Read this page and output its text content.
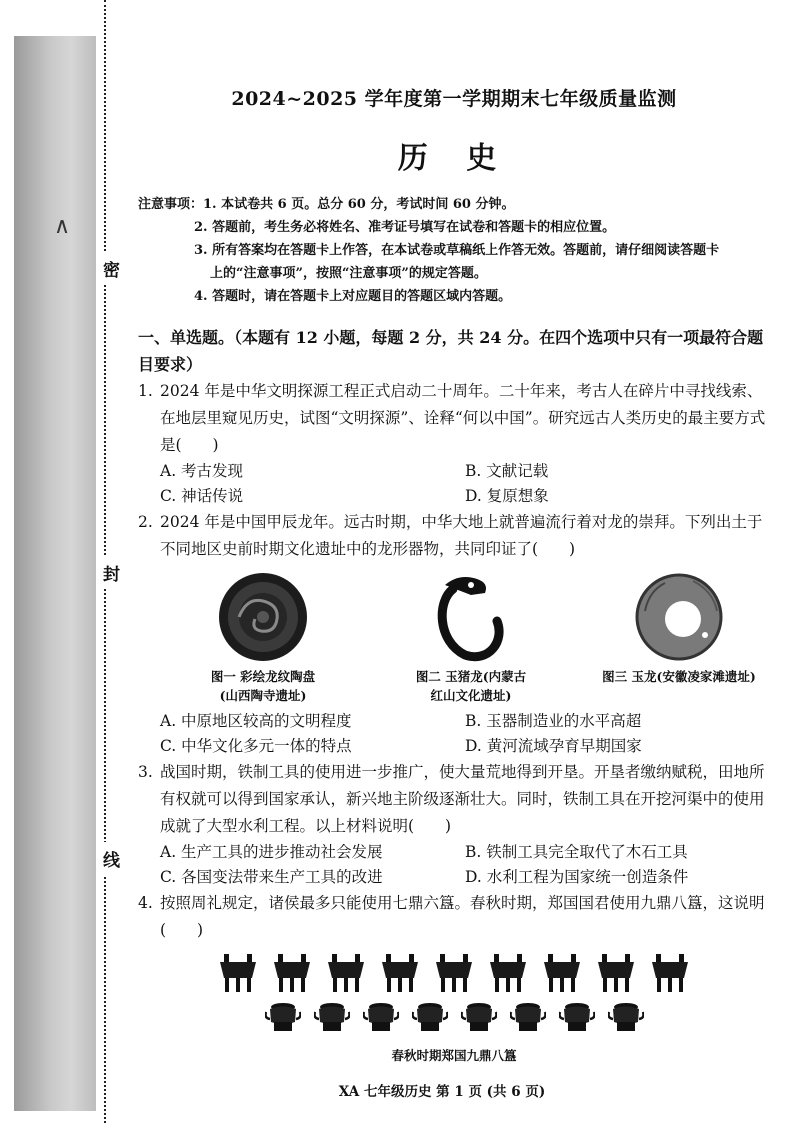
∧
密
封
线
2024~2025 学年度第一学期期末七年级质量监测
历 史
注意事项： 1. 本试卷共 6 页。总分 60 分，考试时间 60 分钟。
2. 答题前，考生务必将姓名、准考证号填写在试卷和答题卡的相应位置。
3. 所有答案均在答题卡上作答，在本试卷或草稿纸上作答无效。答题前，请仔细阅读答题卡
上的“注意事项”，按照“注意事项”的规定答题。
4. 答题时，请在答题卡上对应题目的答题区域内答题。
一、单选题。（本题有 12 小题，每题 2 分，共 24 分。在四个选项中只有一项最符合题目要求）
1. 2024 年是中华文明探源工程正式启动二十周年。二十年来，考古人在碎片中寻找线索、在地层里窥见历史，试图“文明探源”、诠释“何以中国”。研究远古人类历史的最主要方式是(　　)
A. 考古发现	B. 文献记载
C. 神话传说	D. 复原想象
2. 2024 年是中国甲辰龙年。远古时期，中华大地上就普遍流行着对龙的崇拜。下列出土于不同地区史前时期文化遗址中的龙形器物，共同印证了(　　)
图一 彩绘龙纹陶盘
(山西陶寺遗址)
图二 玉猪龙(内蒙古
红山文化遗址)
图三 玉龙(安徽凌家滩遗址)
A. 中原地区较高的文明程度	B. 玉器制造业的水平高超
C. 中华文化多元一体的特点	D. 黄河流域孕育早期国家
3. 战国时期，铁制工具的使用进一步推广，使大量荒地得到开垦。开垦者缴纳赋税，田地所有权就可以得到国家承认，新兴地主阶级逐渐壮大。同时，铁制工具在开挖河渠中的使用成就了大型水利工程。以上材料说明(　　)
A. 生产工具的进步推动社会发展	B. 铁制工具完全取代了木石工具
C. 各国变法带来生产工具的改进	D. 水利工程为国家统一创造条件
4. 按照周礼规定，诸侯最多只能使用七鼎六簋。春秋时期，郑国国君使用九鼎八簋，这说明(　　)
春秋时期郑国九鼎八簋
XA 七年级历史 第 1 页 (共 6 页)
